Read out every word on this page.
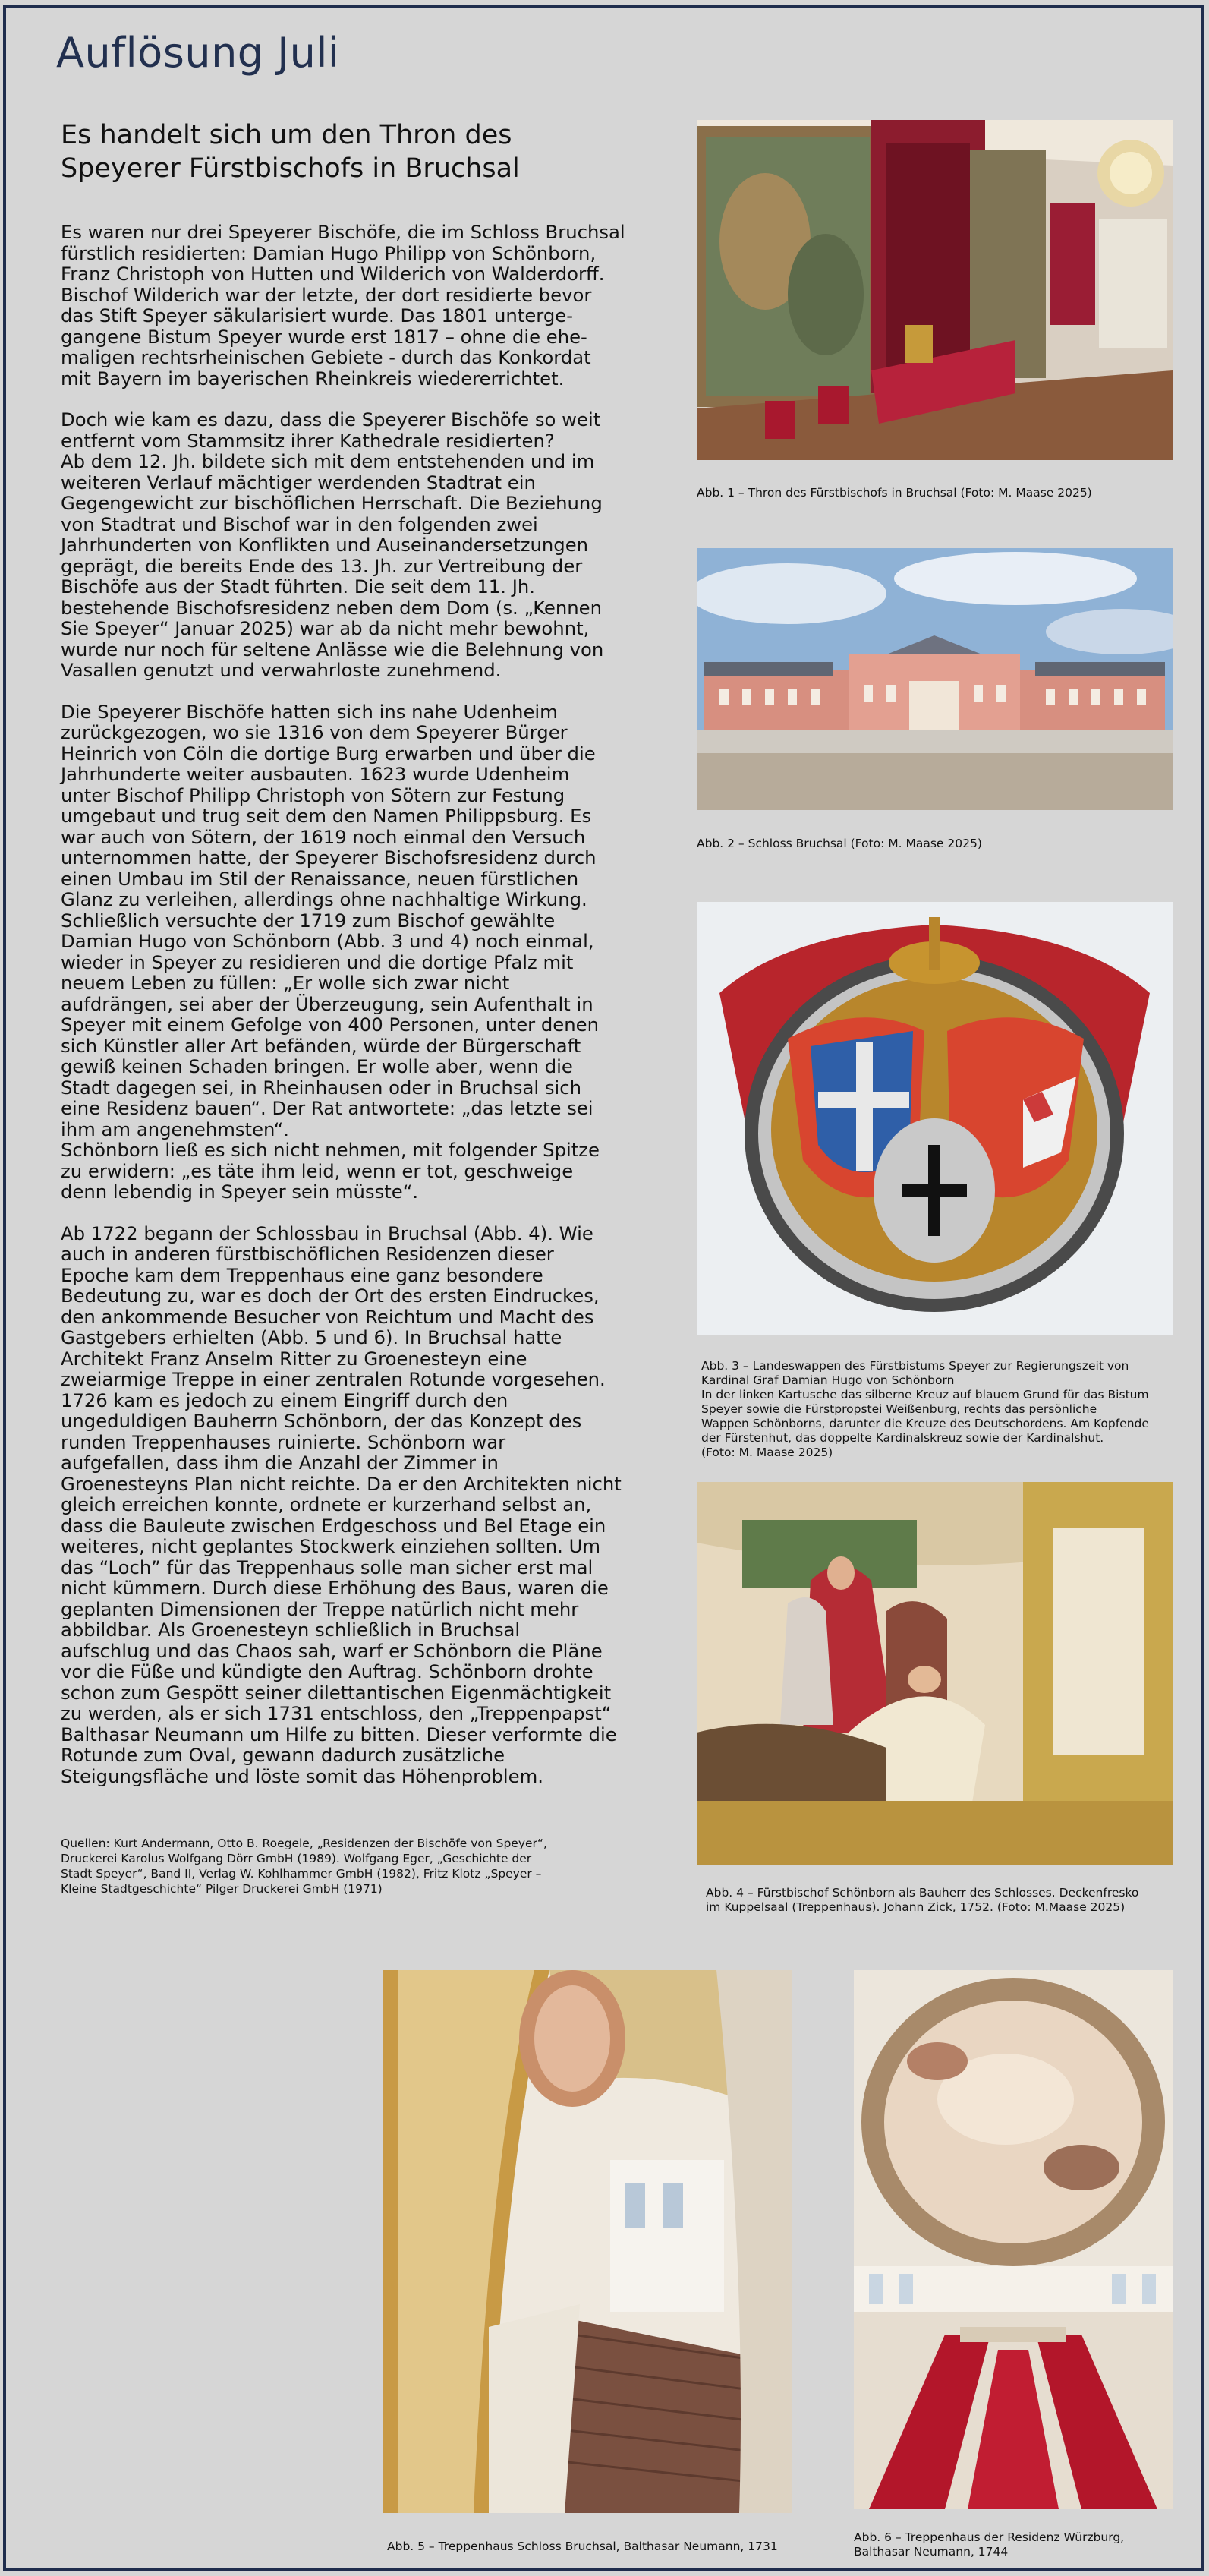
Auflösung Juli
Es handelt sich um den Thron des
Speyerer Fürstbischofs in Bruchsal

Es waren nur drei Speyerer Bischöfe, die im Schloss Bruchsal
fürstlich residierten: Damian Hugo Philipp von Schönborn,
Franz Christoph von Hutten und Wilderich von Walderdorff.
Bischof Wilderich war der letzte, der dort residierte bevor
das Stift Speyer säkularisiert wurde. Das 1801 unterge-
gangene Bistum Speyer wurde erst 1817 – ohne die ehe-
maligen rechtsrheinischen Gebiete - durch das Konkordat
mit Bayern im bayerischen Rheinkreis wiedererrichtet.

Doch wie kam es dazu, dass die Speyerer Bischöfe so weit
entfernt vom Stammsitz ihrer Kathedrale residierten?
Ab dem 12. Jh. bildete sich mit dem entstehenden und im
weiteren Verlauf mächtiger werdenden Stadtrat ein
Gegengewicht zur bischöflichen Herrschaft. Die Beziehung
von Stadtrat und Bischof war in den folgenden zwei
Jahrhunderten von Konflikten und Auseinandersetzungen
geprägt, die bereits Ende des 13. Jh. zur Vertreibung der
Bischöfe aus der Stadt führten. Die seit dem 11. Jh.
bestehende Bischofsresidenz neben dem Dom (s. „Kennen
Sie Speyer“ Januar 2025) war ab da nicht mehr bewohnt,
wurde nur noch für seltene Anlässe wie die Belehnung von
Vasallen genutzt und verwahrloste zunehmend.

Die Speyerer Bischöfe hatten sich ins nahe Udenheim
zurückgezogen, wo sie 1316 von dem Speyerer Bürger
Heinrich von Cöln die dortige Burg erwarben und über die
Jahrhunderte weiter ausbauten. 1623 wurde Udenheim
unter Bischof Philipp Christoph von Sötern zur Festung
umgebaut und trug seit dem den Namen Philippsburg. Es
war auch von Sötern, der 1619 noch einmal den Versuch
unternommen hatte, der Speyerer Bischofsresidenz durch
einen Umbau im Stil der Renaissance, neuen fürstlichen
Glanz zu verleihen, allerdings ohne nachhaltige Wirkung.
Schließlich versuchte der 1719 zum Bischof gewählte
Damian Hugo von Schönborn (Abb. 3 und 4) noch einmal,
wieder in Speyer zu residieren und die dortige Pfalz mit
neuem Leben zu füllen: „Er wolle sich zwar nicht
aufdrängen, sei aber der Überzeugung, sein Aufenthalt in
Speyer mit einem Gefolge von 400 Personen, unter denen
sich Künstler aller Art befänden, würde der Bürgerschaft
gewiß keinen Schaden bringen. Er wolle aber, wenn die
Stadt dagegen sei, in Rheinhausen oder in Bruchsal sich
eine Residenz bauen“. Der Rat antwortete: „das letzte sei
ihm am angenehmsten“.
Schönborn ließ es sich nicht nehmen, mit folgender Spitze
zu erwidern: „es täte ihm leid, wenn er tot, geschweige
denn lebendig in Speyer sein müsste“.

Ab 1722 begann der Schlossbau in Bruchsal (Abb. 4). Wie
auch in anderen fürstbischöflichen Residenzen dieser
Epoche kam dem Treppenhaus eine ganz besondere
Bedeutung zu, war es doch der Ort des ersten Eindruckes,
den ankommende Besucher von Reichtum und Macht des
Gastgebers erhielten (Abb. 5 und 6). In Bruchsal hatte
Architekt Franz Anselm Ritter zu Groenesteyn eine
zweiarmige Treppe in einer zentralen Rotunde vorgesehen.
1726 kam es jedoch zu einem Eingriff durch den
ungeduldigen Bauherrn Schönborn, der das Konzept des
runden Treppenhauses ruinierte. Schönborn war
aufgefallen, dass ihm die Anzahl der Zimmer in
Groenesteyns Plan nicht reichte. Da er den Architekten nicht
gleich erreichen konnte, ordnete er kurzerhand selbst an,
dass die Bauleute zwischen Erdgeschoss und Bel Etage ein
weiteres, nicht geplantes Stockwerk einziehen sollten. Um
das “Loch” für das Treppenhaus solle man sicher erst mal
nicht kümmern. Durch diese Erhöhung des Baus, waren die
geplanten Dimensionen der Treppe natürlich nicht mehr
abbildbar. Als Groenesteyn schließlich in Bruchsal
aufschlug und das Chaos sah, warf er Schönborn die Pläne
vor die Füße und kündigte den Auftrag. Schönborn drohte
schon zum Gespött seiner dilettantischen Eigenmächtigkeit
zu werden, als er sich 1731 entschloss, den „Treppenpapst“
Balthasar Neumann um Hilfe zu bitten. Dieser verformte die
Rotunde zum Oval, gewann dadurch zusätzliche
Steigungsfläche und löste somit das Höhenproblem.

Quellen: Kurt Andermann, Otto B. Roegele, „Residenzen der Bischöfe von Speyer“,
Druckerei Karolus Wolfgang Dörr GmbH (1989). Wolfgang Eger, „Geschichte der
Stadt Speyer“, Band II, Verlag W. Kohlhammer GmbH (1982), Fritz Klotz „Speyer –
Kleine Stadtgeschichte“ Pilger Druckerei GmbH (1971)
Abb. 1 – Thron des Fürstbischofs in Bruchsal (Foto: M. Maase 2025)
Abb. 2 – Schloss Bruchsal (Foto: M. Maase 2025)
Abb. 3 – Landeswappen des Fürstbistums Speyer zur Regierungszeit von
Kardinal Graf Damian Hugo von Schönborn
In der linken Kartusche das silberne Kreuz auf blauem Grund für das Bistum
Speyer sowie die Fürstpropstei Weißenburg, rechts das persönliche
Wappen Schönborns, darunter die Kreuze des Deutschordens. Am Kopfende
der Fürstenhut, das doppelte Kardinalskreuz sowie der Kardinalshut.
(Foto: M. Maase 2025)
Abb. 4 – Fürstbischof Schönborn als Bauherr des Schlosses. Deckenfresko
im Kuppelsaal (Treppenhaus). Johann Zick, 1752. (Foto: M.Maase 2025)
Abb. 5 – Treppenhaus Schloss Bruchsal, Balthasar Neumann, 1731
Abb. 6 – Treppenhaus der Residenz Würzburg,
Balthasar Neumann, 1744
